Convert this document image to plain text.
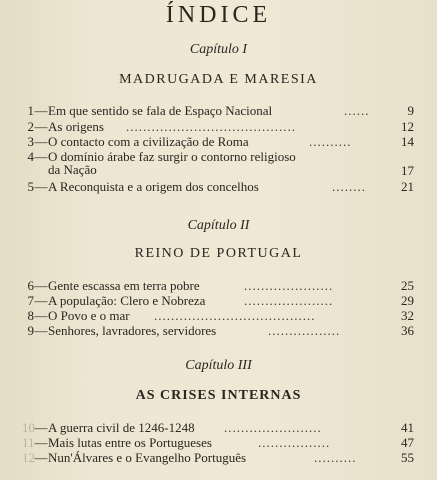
ÍNDICE
Capítulo I
MADRUGADA E MARESIA
1—Em que sentido se fala de Espaço Nacional	......	9
2—As origens ........................................	12
3—O contacto com a civilização de Roma	..........	14
4—O domínio árabe faz surgir o contorno religioso
da Nação	17
5—A Reconquista e a origem dos concelhos	........	21
Capítulo II
REINO DE PORTUGAL
6—Gente escassa em terra pobre	.....................	25
7—A população: Clero e Nobreza	.....................	29
8—O Povo e o mar ......................................	32
9—Senhores, lavradores, servidores	.................	36
Capítulo III
AS CRISES INTERNAS
10—A guerra civil de 1246-1248 .......................	41
11—Mais lutas entre os Portugueses	.................	47
12—Nun'Álvares e o Evangelho Português	..........	55
